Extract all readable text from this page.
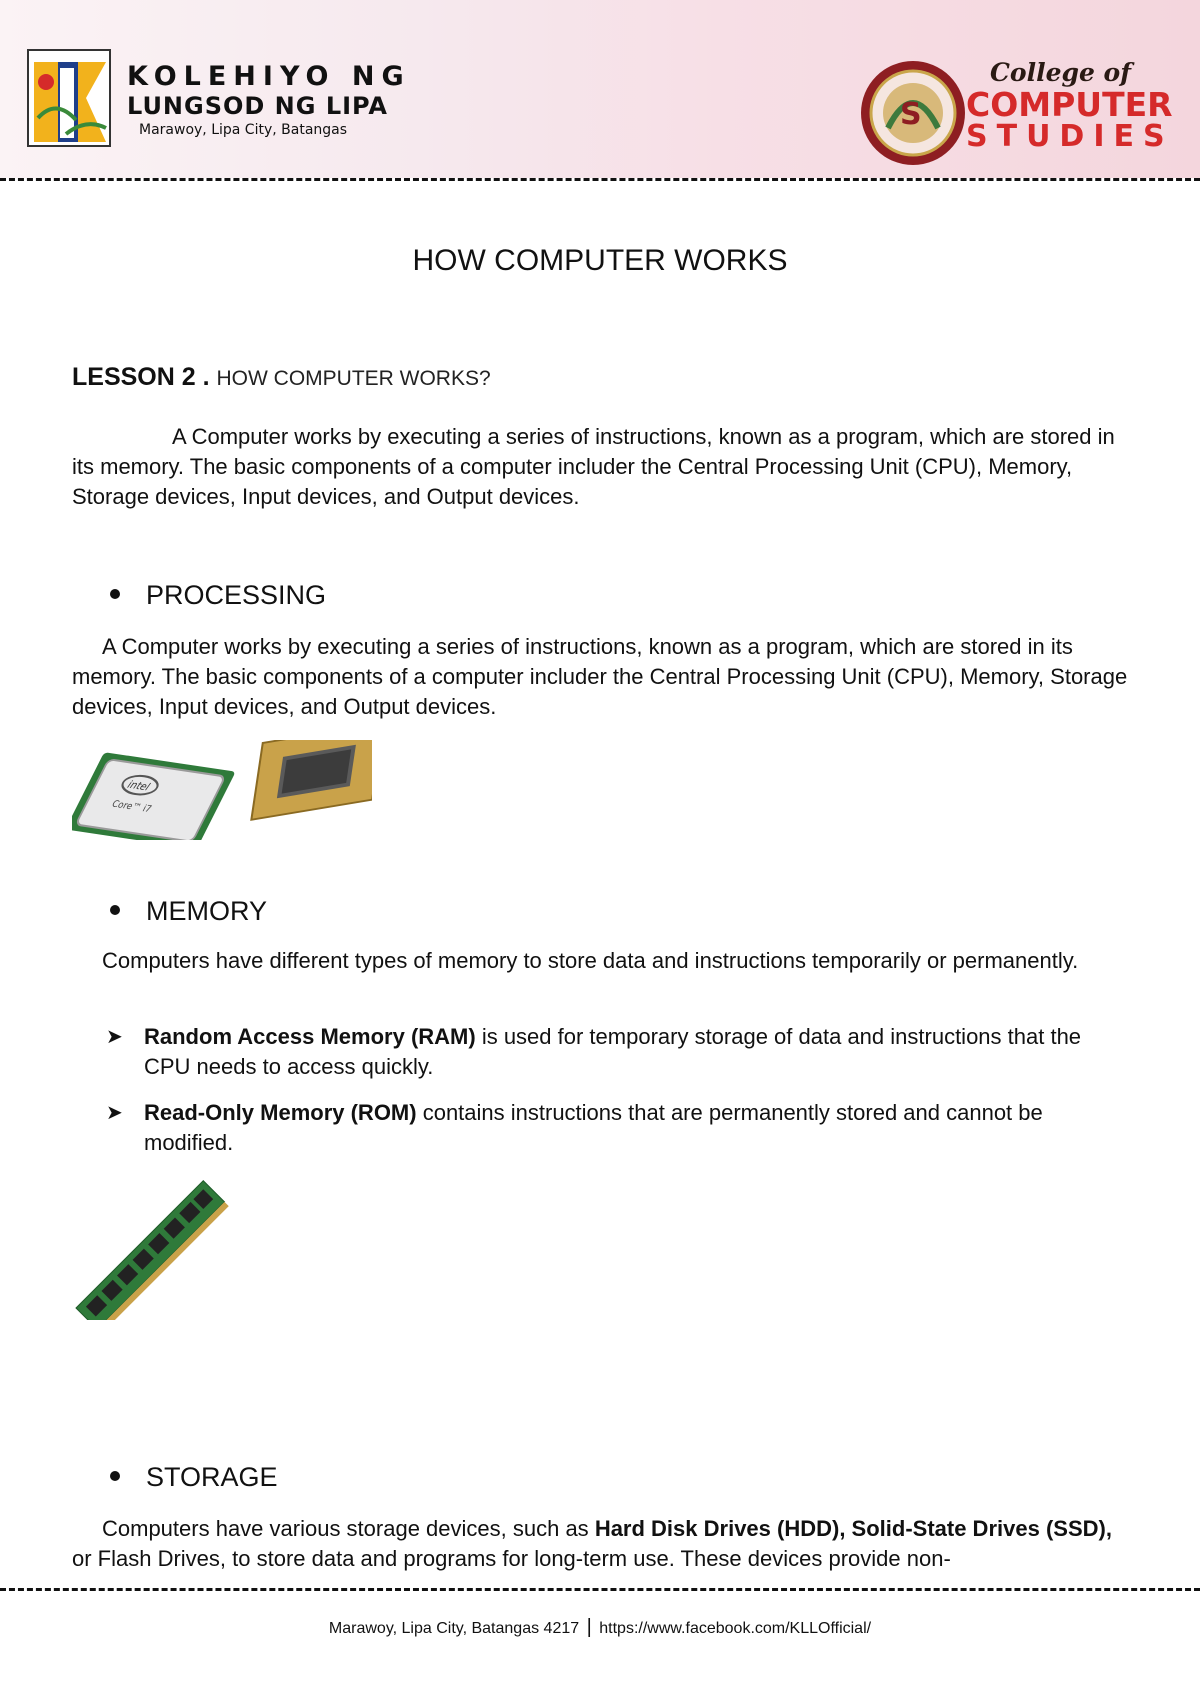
KOLEHIYO NG
LUNGSOD NG LIPA
Marawoy, Lipa City, Batangas	S
College of
COMPUTER
STUDIES
HOW COMPUTER WORKS
LESSON 2 . HOW COMPUTER WORKS?

A Computer works by executing a series of instructions, known as a program, which are stored in its memory. The basic components of a computer includer the Central Processing Unit (CPU), Memory, Storage devices, Input devices, and Output devices.

PROCESSING

A Computer works by executing a series of instructions, known as a program, which are stored in its memory. The basic components of a computer includer the Central Processing Unit (CPU), Memory, Storage devices, Input devices, and Output devices.

intel
Core™ i7
MEMORY

Computers have different types of memory to store data and instructions temporarily or permanently.

➤ Random Access Memory (RAM) is used for temporary storage of data and instructions that the CPU needs to access quickly.
➤ Read-Only Memory (ROM) contains instructions that are permanently stored and cannot be modified.
STORAGE

Computers have various storage devices, such as Hard Disk Drives (HDD), Solid-State Drives (SSD), or Flash Drives, to store data and programs for long-term use. These devices provide non-

Marawoy, Lipa City, Batangas 4217 | https://www.facebook.com/KLLOfficial/
